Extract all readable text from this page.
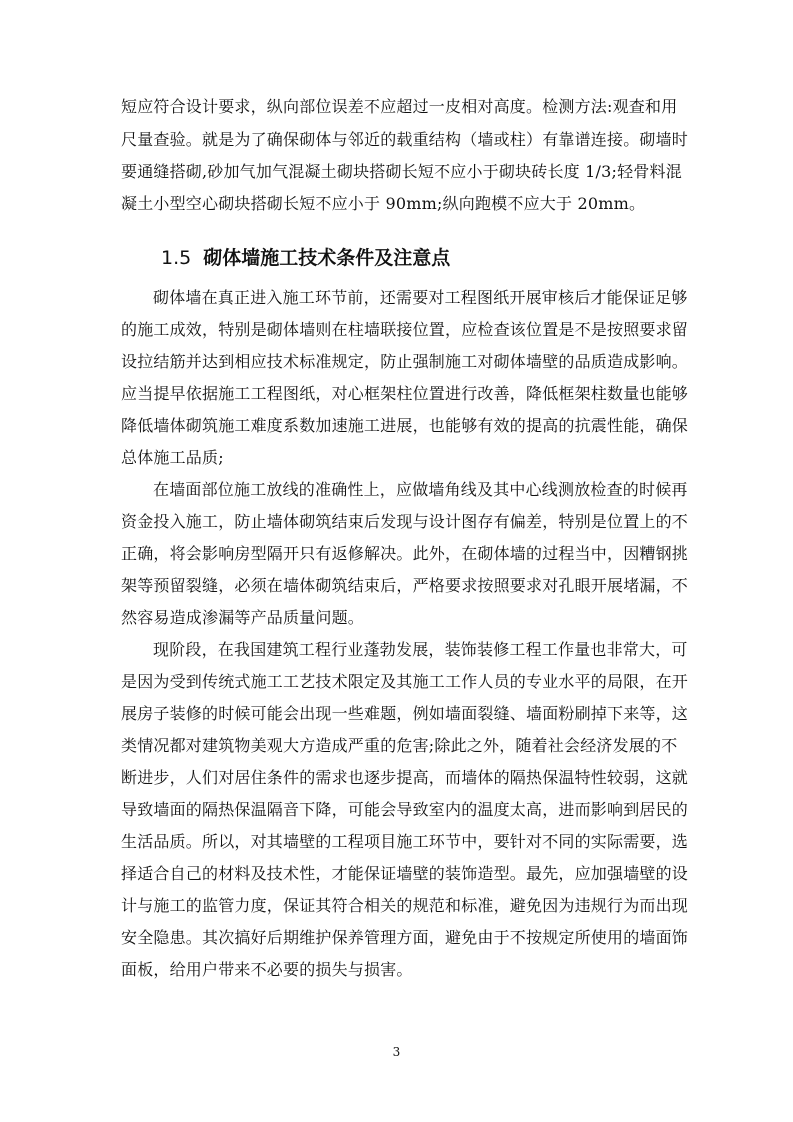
短应符合设计要求，纵向部位误差不应超过一皮相对高度。检测方法:观查和用
尺量查验。就是为了确保砌体与邻近的载重结构（墙或柱）有靠谱连接。砌墙时
要通缝搭砌,砂加气加气混凝土砌块搭砌长短不应小于砌块砖长度 1/3;轻骨料混
凝土小型空心砌块搭砌长短不应小于 90mm;纵向跑模不应大于 20mm。
1.5 砌体墙施工技术条件及注意点
砌体墙在真正进入施工环节前，还需要对工程图纸开展审核后才能保证足够
的施工成效，特别是砌体墙则在柱墙联接位置，应检查该位置是不是按照要求留
设拉结筋并达到相应技术标准规定，防止强制施工对砌体墙壁的品质造成影响。
应当提早依据施工工程图纸，对心框架柱位置进行改善，降低框架柱数量也能够
降低墙体砌筑施工难度系数加速施工进展，也能够有效的提高的抗震性能，确保
总体施工品质;
在墙面部位施工放线的准确性上，应做墙角线及其中心线测放检查的时候再
资金投入施工，防止墙体砌筑结束后发现与设计图存有偏差，特别是位置上的不
正确，将会影响房型隔开只有返修解决。此外，在砌体墙的过程当中，因糟钢挑
架等预留裂缝，必须在墙体砌筑结束后，严格要求按照要求对孔眼开展堵漏，不
然容易造成渗漏等产品质量问题。
现阶段，在我国建筑工程行业蓬勃发展，装饰装修工程工作量也非常大，可
是因为受到传统式施工工艺技术限定及其施工工作人员的专业水平的局限，在开
展房子装修的时候可能会出现一些难题，例如墙面裂缝、墙面粉刷掉下来等，这
类情况都对建筑物美观大方造成严重的危害;除此之外，随着社会经济发展的不
断进步，人们对居住条件的需求也逐步提高，而墙体的隔热保温特性较弱，这就
导致墙面的隔热保温隔音下降，可能会导致室内的温度太高，进而影响到居民的
生活品质。所以，对其墙壁的工程项目施工环节中，要针对不同的实际需要，选
择适合自己的材料及技术性，才能保证墙壁的装饰造型。最先，应加强墙壁的设
计与施工的监管力度，保证其符合相关的规范和标准，避免因为违规行为而出现
安全隐患。其次搞好后期维护保养管理方面，避免由于不按规定所使用的墙面饰
面板，给用户带来不必要的损失与损害。
3
